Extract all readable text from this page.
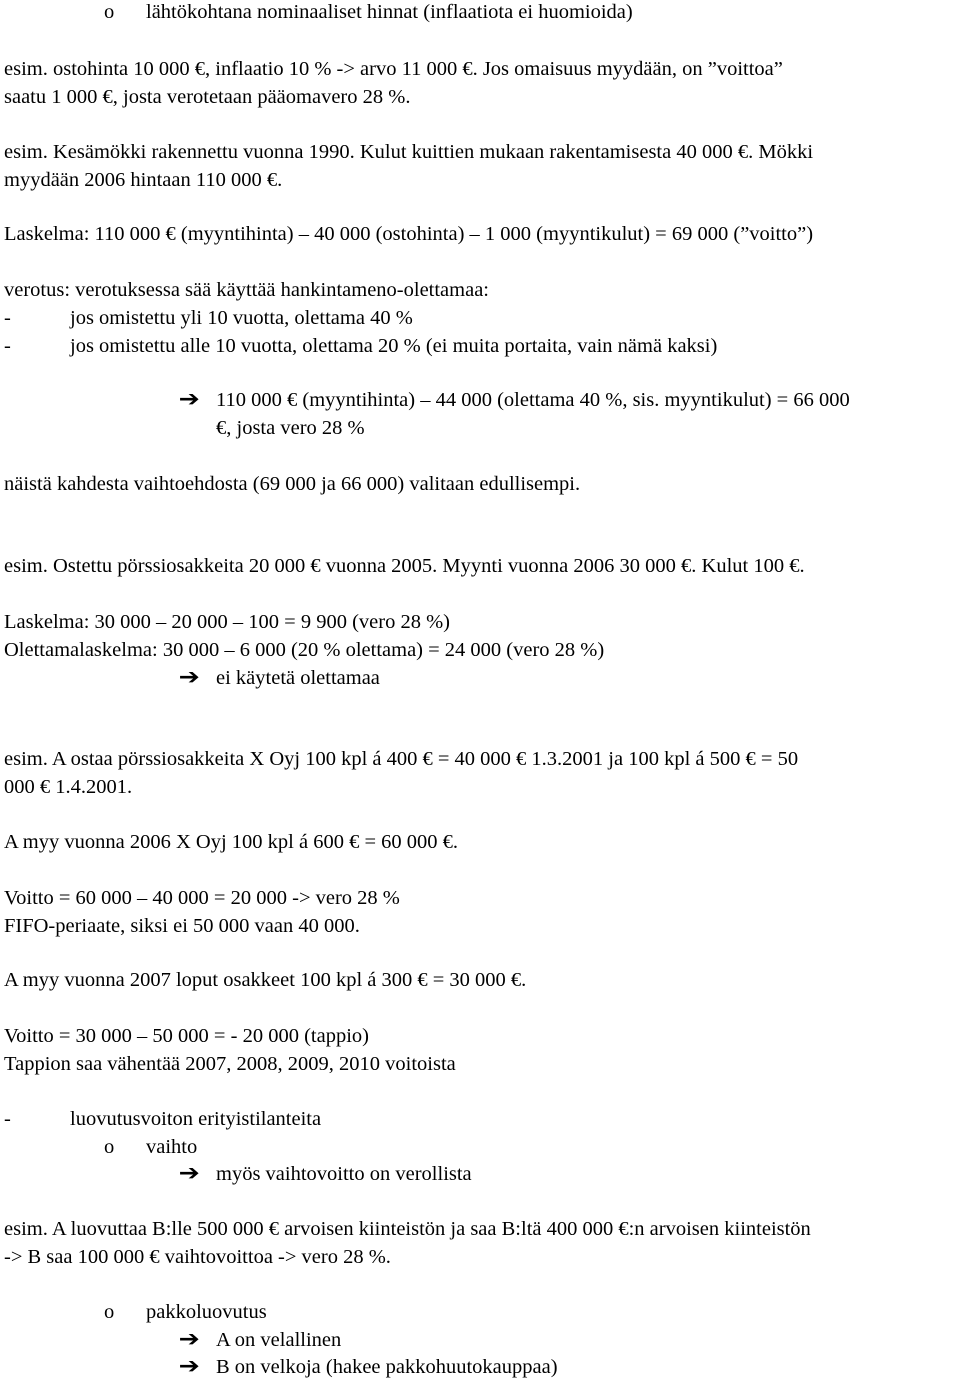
o lähtökohtana nominaaliset hinnat (inflaatiota ei huomioida)
esim. ostohinta 10 000 €, inflaatio 10 % -> arvo 11 000 €. Jos omaisuus myydään, on ”voittoa”
saatu 1 000 €, josta verotetaan pääomavero 28 %.
esim. Kesämökki rakennettu vuonna 1990. Kulut kuittien mukaan rakentamisesta 40 000 €. Mökki
myydään 2006 hintaan 110 000 €.
Laskelma: 110 000 € (myyntihinta) – 40 000 (ostohinta) – 1 000 (myyntikulut) = 69 000 (”voitto”)
verotus: verotuksessa sää käyttää hankintameno-olettamaa:
-	jos omistettu yli 10 vuotta, olettama 40 %
-	jos omistettu alle 10 vuotta, olettama 20 % (ei muita portaita, vain nämä kaksi)
➔ 110 000 € (myyntihinta) – 44 000 (olettama 40 %, sis. myyntikulut) = 66 000
€, josta vero 28 %
näistä kahdesta vaihtoehdosta (69 000 ja 66 000) valitaan edullisempi.
esim. Ostettu pörssiosakkeita 20 000 € vuonna 2005. Myynti vuonna 2006 30 000 €. Kulut 100 €.
Laskelma: 30 000 – 20 000 – 100 = 9 900 (vero 28 %)
Olettamalaskelma: 30 000 – 6 000 (20 % olettama) = 24 000 (vero 28 %)
➔ ei käytetä olettamaa
esim. A ostaa pörssiosakkeita X Oyj 100 kpl á 400 € = 40 000 € 1.3.2001 ja 100 kpl á 500 € = 50
000 € 1.4.2001.
A myy vuonna 2006 X Oyj 100 kpl á 600 € = 60 000 €.
Voitto = 60 000 – 40 000 = 20 000 -> vero 28 %
FIFO-periaate, siksi ei 50 000 vaan 40 000.
A myy vuonna 2007 loput osakkeet 100 kpl á 300 € = 30 000 €.
Voitto = 30 000 – 50 000 = - 20 000 (tappio)
Tappion saa vähentää 2007, 2008, 2009, 2010 voitoista
-	luovutusvoiton erityistilanteita
o vaihto
➔ myös vaihtovoitto on verollista
esim. A luovuttaa B:lle 500 000 € arvoisen kiinteistön ja saa B:ltä 400 000 €:n arvoisen kiinteistön
-> B saa 100 000 € vaihtovoittoa -> vero 28 %.
o pakkoluovutus
➔ A on velallinen
➔ B on velkoja (hakee pakkohuutokauppaa)
